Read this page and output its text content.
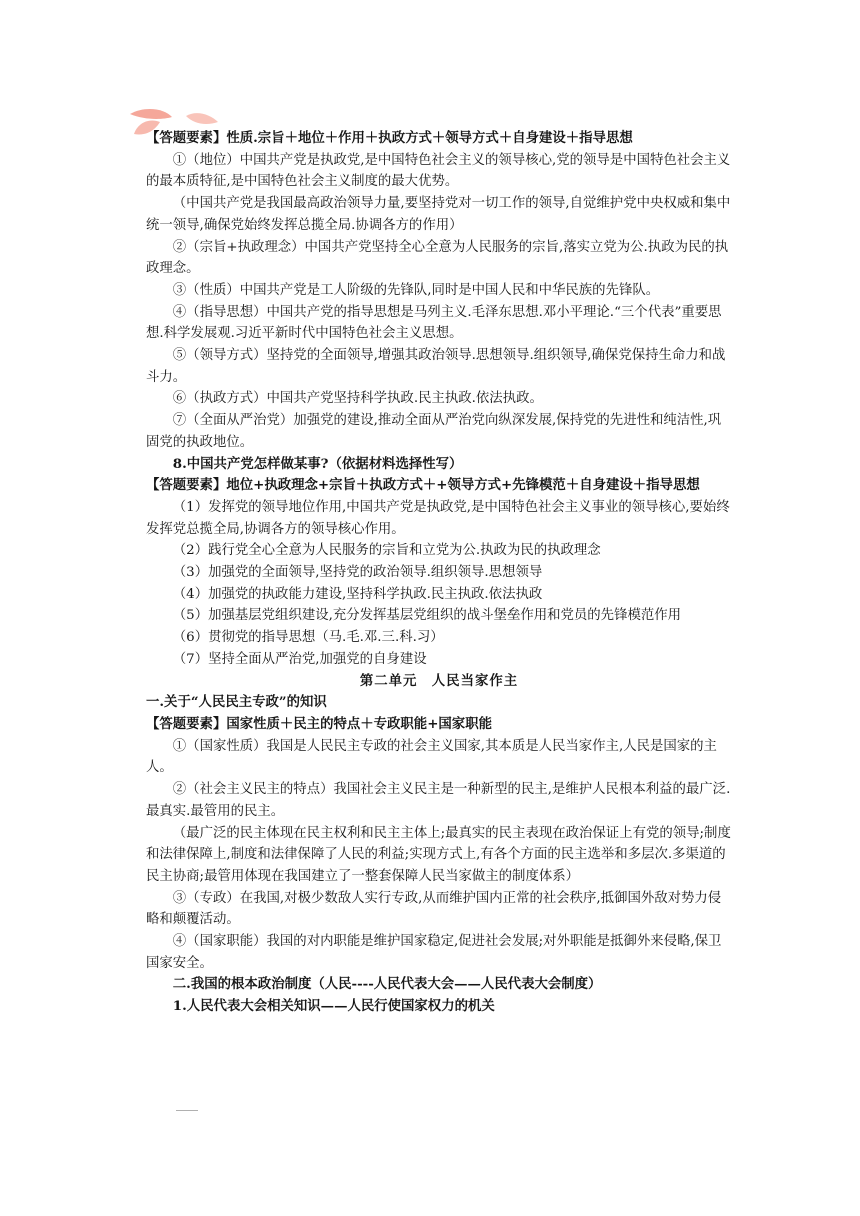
【答题要素】性质.宗旨＋地位＋作用＋执政方式＋领导方式＋自身建设＋指导思想

①（地位）中国共产党是执政党,是中国特色社会主义的领导核心,党的领导是中国特色社会主义的最本质特征,是中国特色社会主义制度的最大优势。

（中国共产党是我国最高政治领导力量,要坚持党对一切工作的领导,自觉维护党中央权威和集中统一领导,确保党始终发挥总揽全局.协调各方的作用）

②（宗旨+执政理念）中国共产党坚持全心全意为人民服务的宗旨,落实立党为公.执政为民的执政理念。

③（性质）中国共产党是工人阶级的先锋队,同时是中国人民和中华民族的先锋队。

④（指导思想）中国共产党的指导思想是马列主义.毛泽东思想.邓小平理论.“三个代表”重要思想.科学发展观.习近平新时代中国特色社会主义思想。

⑤（领导方式）坚持党的全面领导,增强其政治领导.思想领导.组织领导,确保党保持生命力和战斗力。

⑥（执政方式）中国共产党坚持科学执政.民主执政.依法执政。

⑦（全面从严治党）加强党的建设,推动全面从严治党向纵深发展,保持党的先进性和纯洁性,巩固党的执政地位。

8.中国共产党怎样做某事?（依据材料选择性写）

【答题要素】地位+执政理念+宗旨＋执政方式＋+领导方式+先锋模范＋自身建设＋指导思想

（1）发挥党的领导地位作用,中国共产党是执政党,是中国特色社会主义事业的领导核心,要始终发挥党总揽全局,协调各方的领导核心作用。

（2）践行党全心全意为人民服务的宗旨和立党为公.执政为民的执政理念

（3）加强党的全面领导,坚持党的政治领导.组织领导.思想领导

（4）加强党的执政能力建设,坚持科学执政.民主执政.依法执政

（5）加强基层党组织建设,充分发挥基层党组织的战斗堡垒作用和党员的先锋模范作用

（6）贯彻党的指导思想（马.毛.邓.三.科.习）

（7）坚持全面从严治党,加强党的自身建设

第二单元　人民当家作主

一.关于“人民民主专政”的知识

【答题要素】国家性质＋民主的特点＋专政职能+国家职能

①（国家性质）我国是人民民主专政的社会主义国家,其本质是人民当家作主,人民是国家的主人。

②（社会主义民主的特点）我国社会主义民主是一种新型的民主,是维护人民根本利益的最广泛.最真实.最管用的民主。

（最广泛的民主体现在民主权利和民主主体上;最真实的民主表现在政治保证上有党的领导;制度和法律保障上,制度和法律保障了人民的利益;实现方式上,有各个方面的民主选举和多层次.多渠道的民主协商;最管用体现在我国建立了一整套保障人民当家做主的制度体系）

③（专政）在我国,对极少数敌人实行专政,从而维护国内正常的社会秩序,抵御国外敌对势力侵略和颠覆活动。

④（国家职能）我国的对内职能是维护国家稳定,促进社会发展;对外职能是抵御外来侵略,保卫国家安全。

二.我国的根本政治制度（人民----人民代表大会——人民代表大会制度）

1.人民代表大会相关知识——人民行使国家权力的机关
